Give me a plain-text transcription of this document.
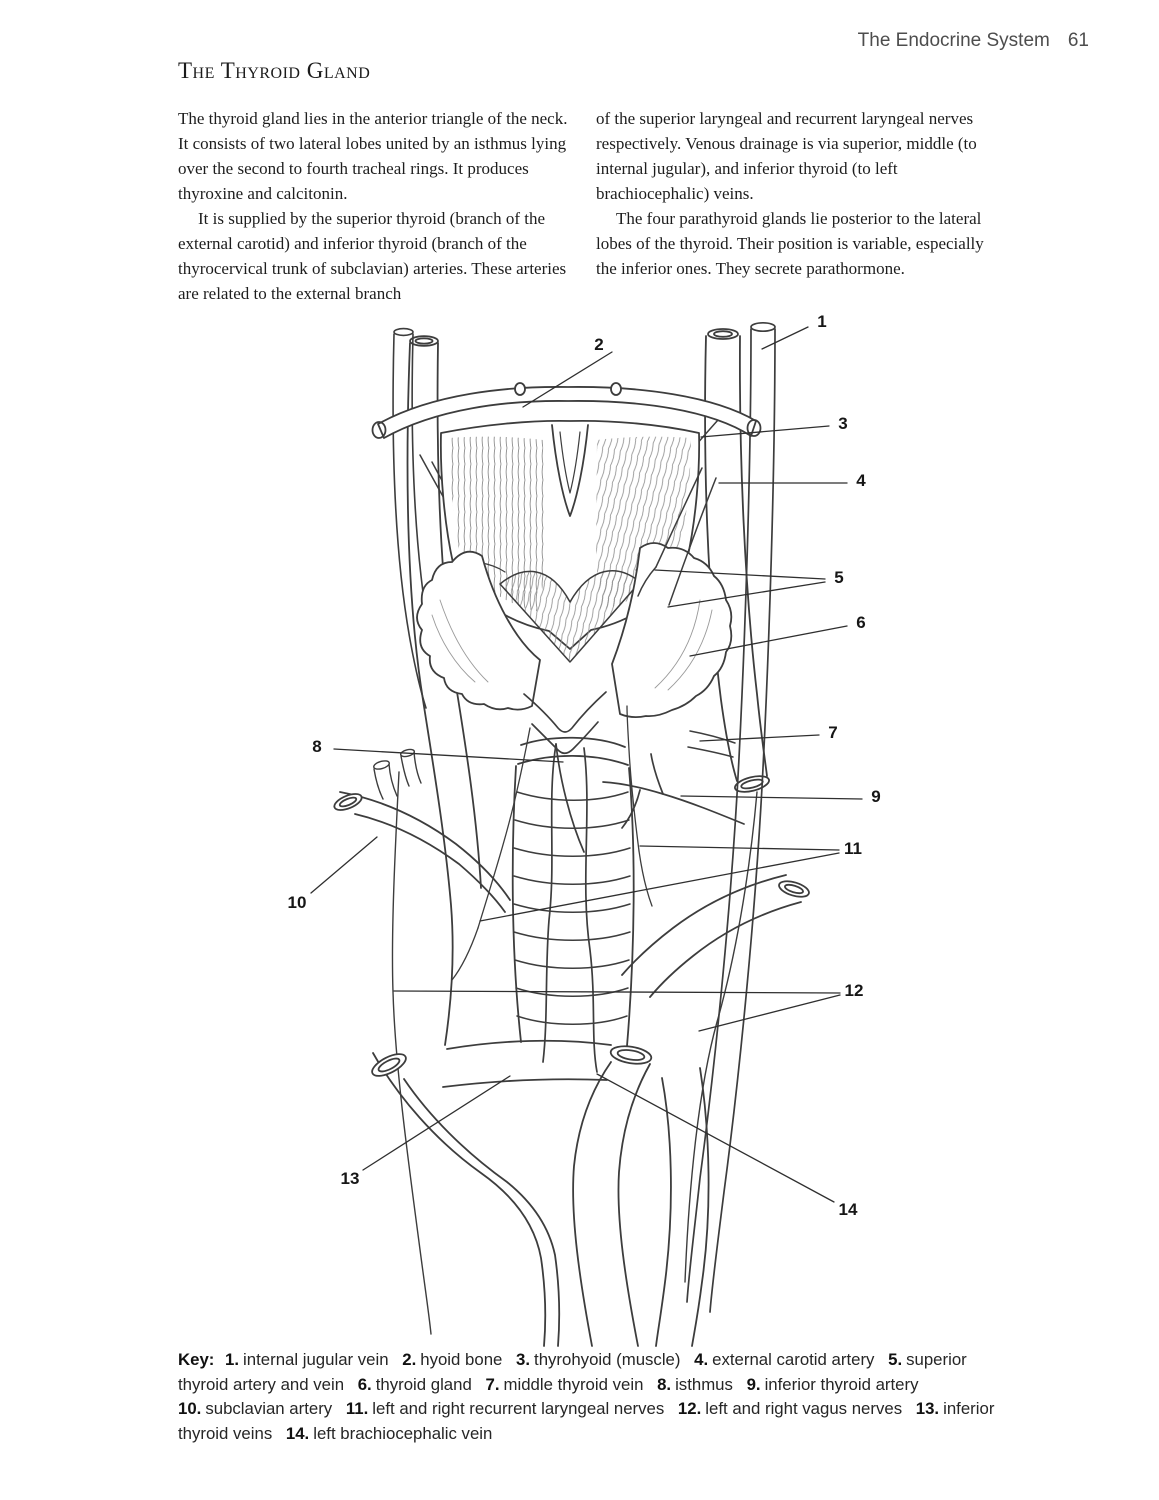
The Endocrine System 61
The Thyroid Gland

The thyroid gland lies in the anterior triangle of the neck. It consists of two lateral lobes united by an isthmus lying over the second to fourth tracheal rings. It produces thyroxine and calcitonin.

It is supplied by the superior thyroid (branch of the external carotid) and inferior thyroid (branch of the thyrocervical trunk of subclavian) arteries. These arteries are related to the external branch

of the superior laryngeal and recurrent laryngeal nerves respectively. Venous drainage is via superior, middle (to internal jugular), and inferior thyroid (to left brachiocephalic) veins.

The four parathyroid glands lie posterior to the lateral lobes of the thyroid. Their position is variable, especially the inferior ones. They secrete parathormone.

1
2
3
4
5
6
7
8
9
10
11
12
13
14
Key: 1. internal jugular vein 2. hyoid bone 3. thyrohyoid (muscle) 4. external carotid artery 5. superior thyroid artery and vein 6. thyroid gland 7. middle thyroid vein 8. isthmus 9. inferior thyroid artery 10. subclavian artery 11. left and right recurrent laryngeal nerves 12. left and right vagus nerves 13. inferior thyroid veins 14. left brachiocephalic vein
